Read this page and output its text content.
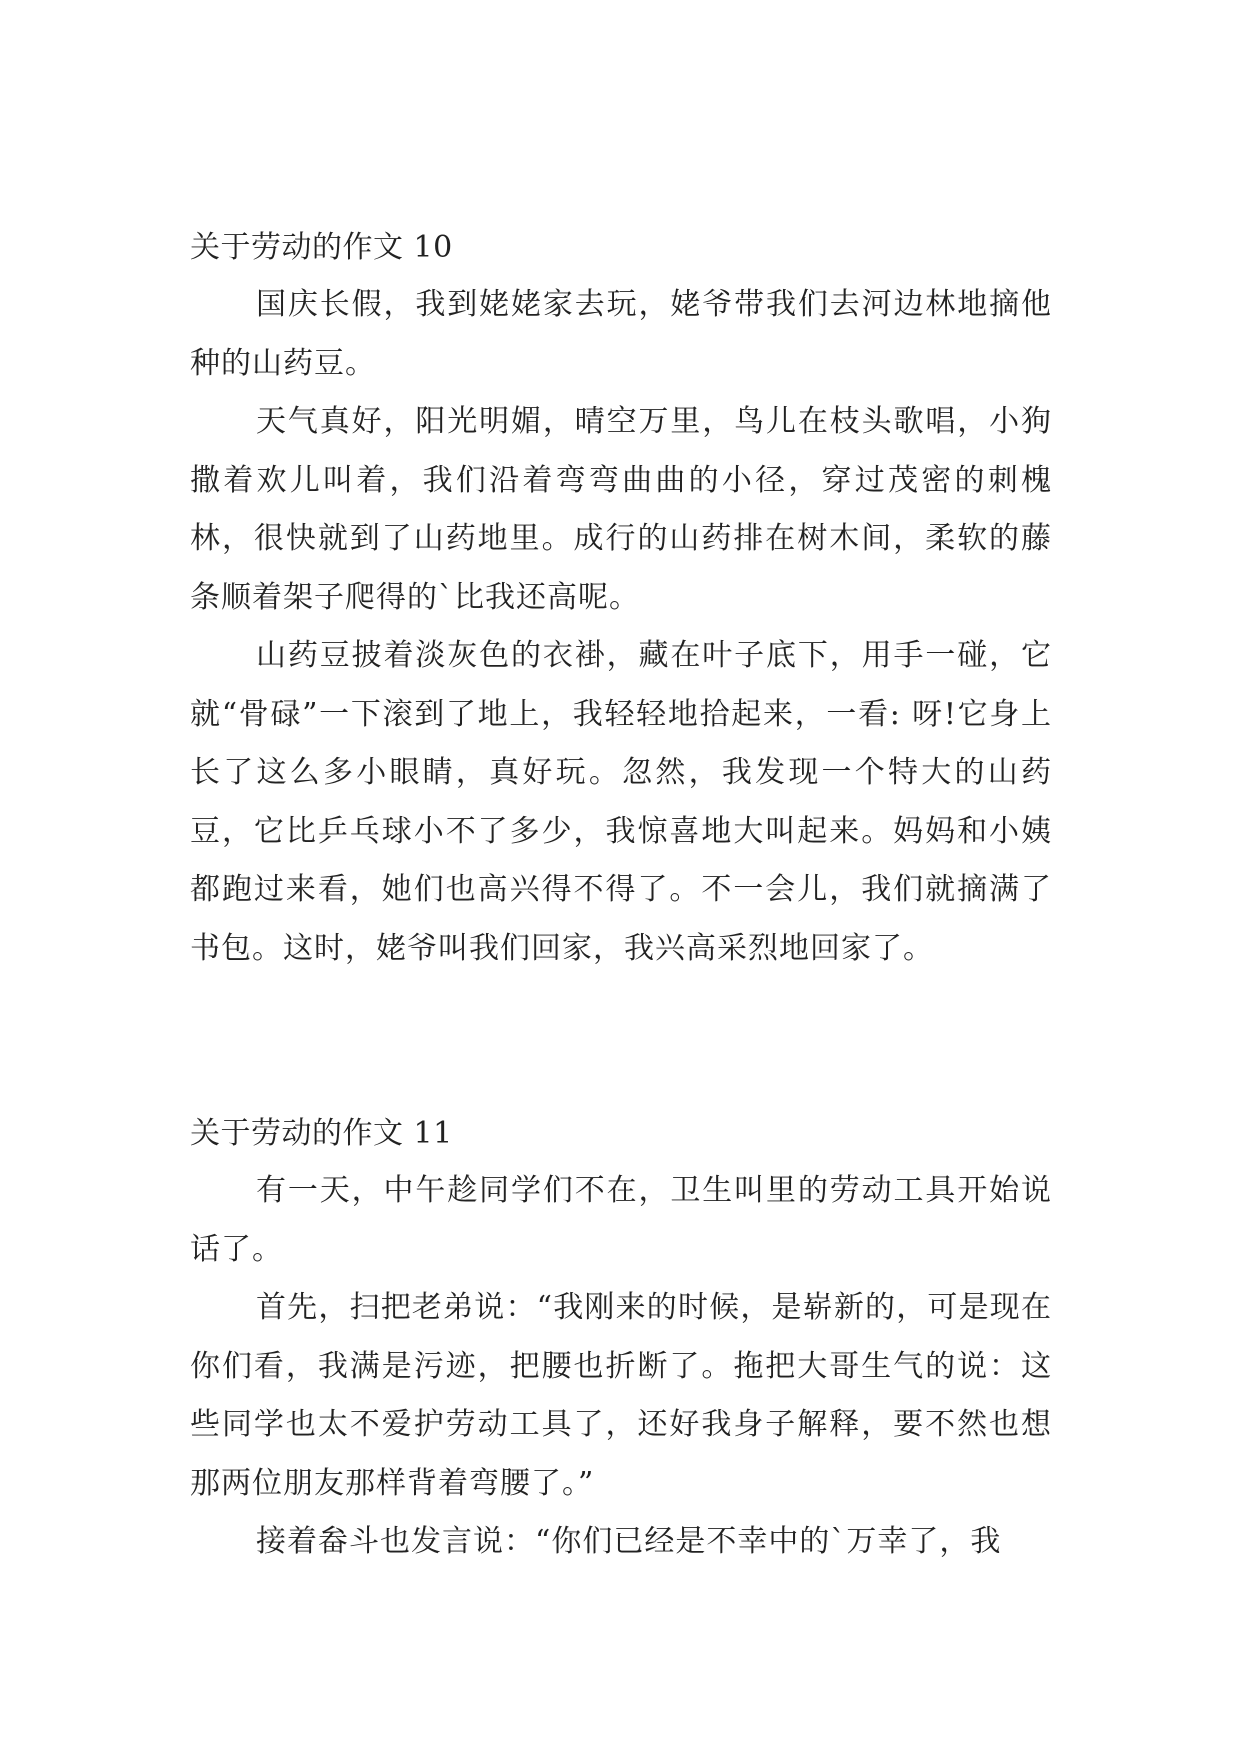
关于劳动的作文 10

国庆长假，我到姥姥家去玩，姥爷带我们去河边林地摘他种的山药豆。

天气真好，阳光明媚，晴空万里，鸟儿在枝头歌唱，小狗撒着欢儿叫着，我们沿着弯弯曲曲的小径，穿过茂密的刺槐林，很快就到了山药地里。成行的山药排在树木间，柔软的藤条顺着架子爬得的`比我还高呢。

山药豆披着淡灰色的衣褂，藏在叶子底下，用手一碰，它就“骨碌”一下滚到了地上，我轻轻地拾起来，一看: 呀!它身上长了这么多小眼睛，真好玩。忽然，我发现一个特大的山药豆，它比乒乓球小不了多少，我惊喜地大叫起来。妈妈和小姨都跑过来看，她们也高兴得不得了。不一会儿，我们就摘满了书包。这时，姥爷叫我们回家，我兴高采烈地回家了。

关于劳动的作文 11

有一天，中午趁同学们不在，卫生叫里的劳动工具开始说话了。

首先，扫把老弟说：“我刚来的时候，是崭新的，可是现在你们看，我满是污迹，把腰也折断了。拖把大哥生气的说：这些同学也太不爱护劳动工具了，还好我身子解释，要不然也想那两位朋友那样背着弯腰了。”

接着畚斗也发言说：“你们已经是不幸中的`万幸了，我
